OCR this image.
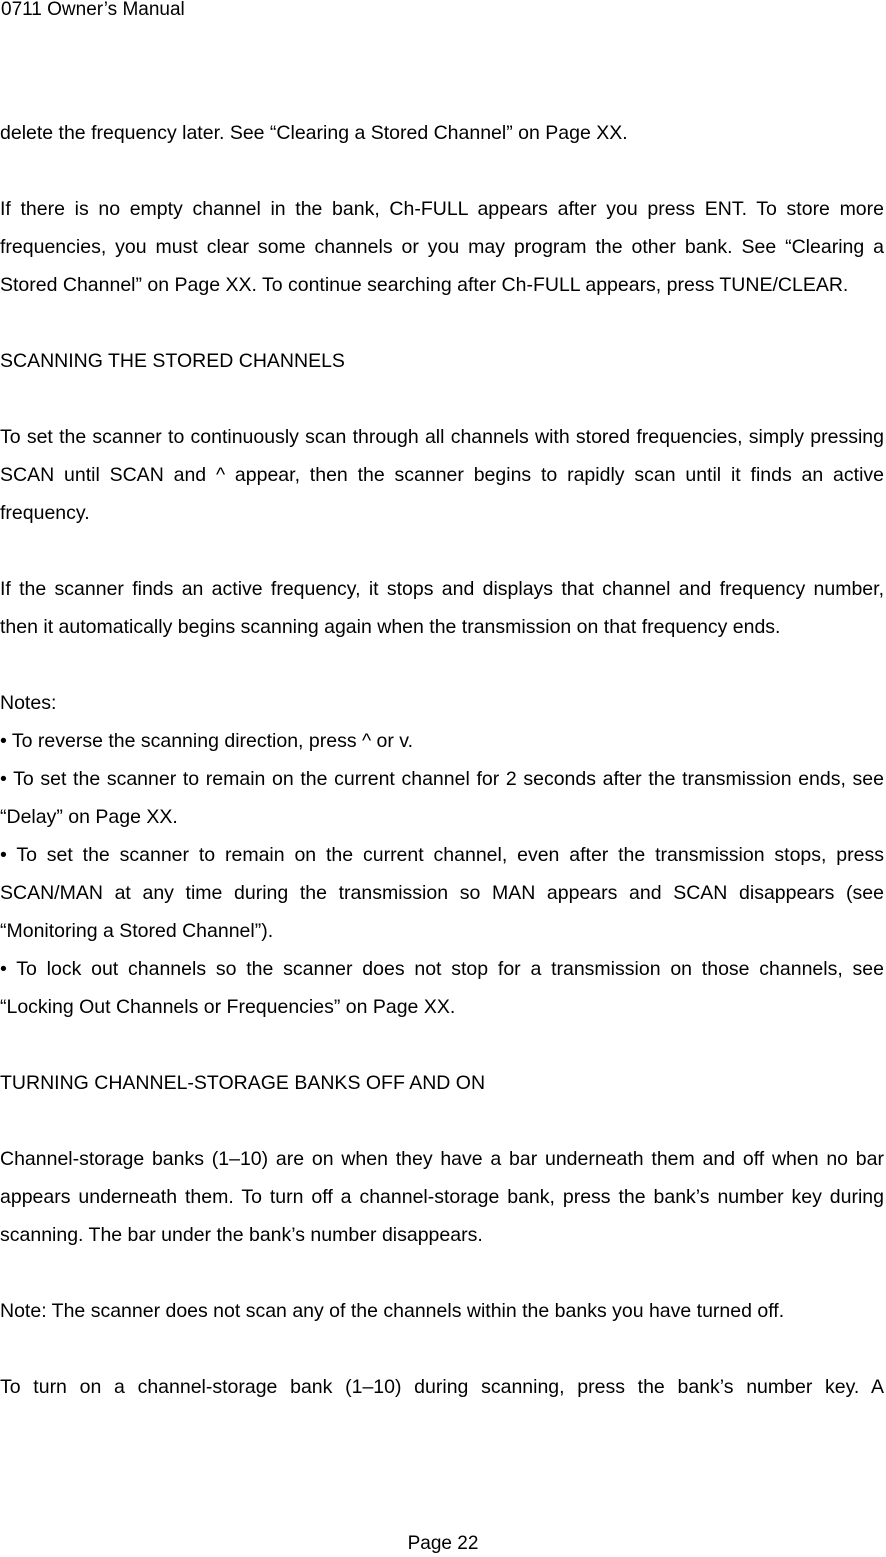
0711 Owner’s Manual

delete the frequency later. See “Clearing a Stored Channel” on Page XX.

If there is no empty channel in the bank, Ch-FULL appears after you press ENT. To store more frequencies, you must clear some channels or you may program the other bank. See “Clearing a Stored Channel” on Page XX. To continue searching after Ch-FULL appears, press TUNE/CLEAR.

SCANNING THE STORED CHANNELS

To set the scanner to continuously scan through all channels with stored frequencies, simply pressing SCAN until SCAN and ^ appear, then the scanner begins to rapidly scan until it finds an active frequency.

If the scanner finds an active frequency, it stops and displays that channel and frequency number, then it automatically begins scanning again when the transmission on that frequency ends.

Notes:

• To reverse the scanning direction, press ^ or v.

• To set the scanner to remain on the current channel for 2 seconds after the transmission ends, see “Delay” on Page XX.

• To set the scanner to remain on the current channel, even after the transmission stops, press SCAN/MAN at any time during the transmission so MAN appears and SCAN disappears (see “Monitoring a Stored Channel”).

• To lock out channels so the scanner does not stop for a transmission on those channels, see “Locking Out Channels or Frequencies” on Page XX.

TURNING CHANNEL-STORAGE BANKS OFF AND ON

Channel-storage banks (1–10) are on when they have a bar underneath them and off when no bar appears underneath them. To turn off a channel-storage bank, press the bank’s number key during scanning. The bar under the bank’s number disappears.

Note: The scanner does not scan any of the channels within the banks you have turned off.

To turn on a channel-storage bank (1–10) during scanning, press the bank’s number key. A

Page 22
